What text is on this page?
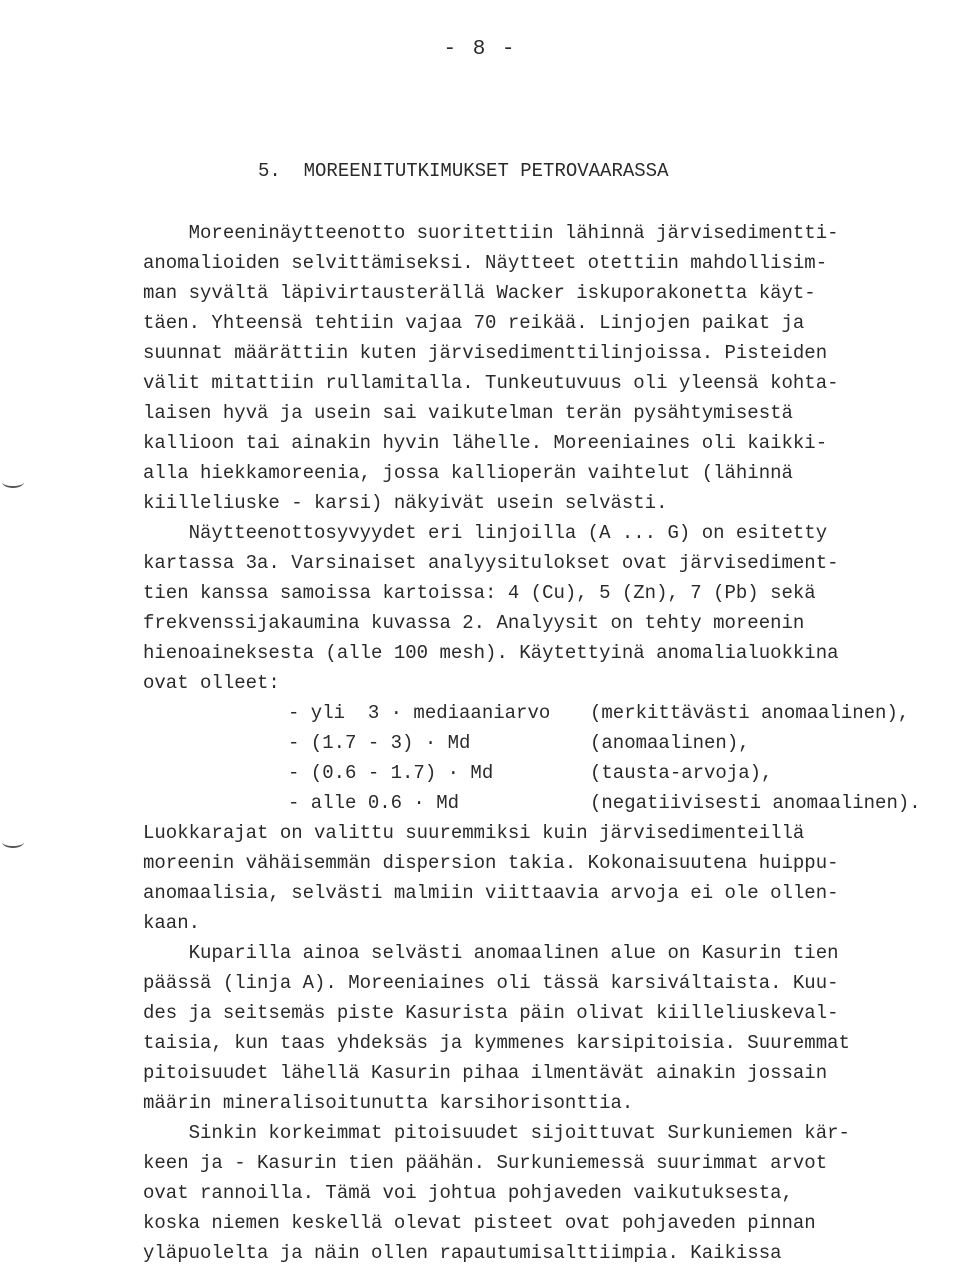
- 8 -
5.  MOREENITUTKIMUKSET PETROVAARASSA
Moreeninäytteenotto suoritettiin lähinnä järvisedimentti-
anomalioiden selvittämiseksi. Näytteet otettiin mahdollisim-
man syvältä läpivirtausterällä Wacker iskuporakonetta käyt-
täen. Yhteensä tehtiin vajaa 70 reikää. Linjojen paikat ja
suunnat määrättiin kuten järvisedimenttilinjoissa. Pisteiden
välit mitattiin rullamitalla. Tunkeutuvuus oli yleensä kohta-
laisen hyvä ja usein sai vaikutelman terän pysähtymisestä
kallioon tai ainakin hyvin lähelle. Moreeniaines oli kaikki-
alla hiekkamoreenia, jossa kallioperän vaihtelut (lähinnä
kiilleliuske - karsi) näkyivät usein selvästi.
Näytteenottosyvyydet eri linjoilla (A ... G) on esitetty
kartassa 3a. Varsinaiset analyysitulokset ovat järvisediment-
tien kanssa samoissa kartoissa: 4 (Cu), 5 (Zn), 7 (Pb) sekä
frekvenssijakaumina kuvassa 2. Analyysit on tehty moreenin
hienoaineksesta (alle 100 mesh). Käytettyinä anomalialuokkina
ovat olleet:
- yli  3 · mediaaniarvo (merkittävästi anomaalinen),
- (1.7 - 3) · Md	(anomaalinen),
- (0.6 - 1.7) · Md	(tausta-arvoja),
- alle 0.6 · Md	(negatiivisesti anomaalinen).
Luokkarajat on valittu suuremmiksi kuin järvisedimenteillä
moreenin vähäisemmän dispersion takia. Kokonaisuutena huippu-
anomaalisia, selvästi malmiin viittaavia arvoja ei ole ollen-
kaan.
Kuparilla ainoa selvästi anomaalinen alue on Kasurin tien
päässä (linja A). Moreeniaines oli tässä karsiváltaista. Kuu-
des ja seitsemäs piste Kasurista päin olivat kiilleliuskeval-
taisia, kun taas yhdeksäs ja kymmenes karsipitoisia. Suuremmat
pitoisuudet lähellä Kasurin pihaa ilmentävät ainakin jossain
määrin mineralisoitunutta karsihorisonttia.
Sinkin korkeimmat pitoisuudet sijoittuvat Surkuniemen kär-
keen ja - Kasurin tien päähän. Surkuniemessä suurimmat arvot
ovat rannoilla. Tämä voi johtua pohjaveden vaikutuksesta,
koska niemen keskellä olevat pisteet ovat pohjaveden pinnan
yläpuolelta ja näin ollen rapautumisalttiimpia. Kaikissa
